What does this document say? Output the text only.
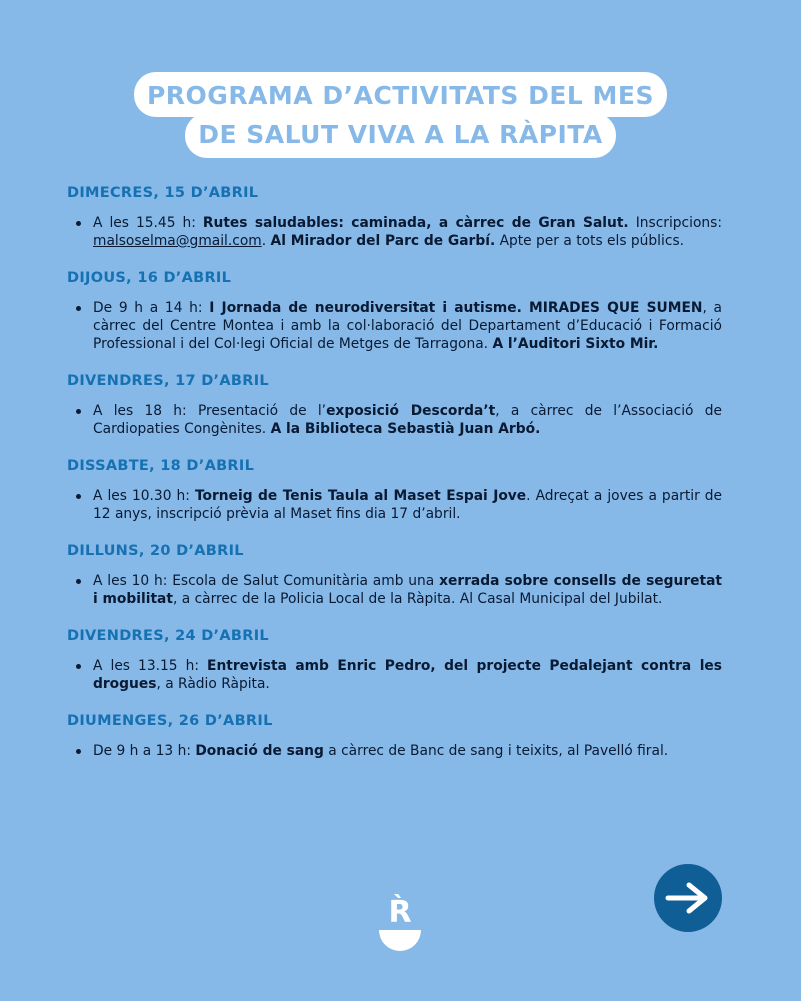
PROGRAMA D’ACTIVITATS DEL MES
DE SALUT VIVA A LA RÀPITA
DIMECRES, 15 D’ABRIL
A les 15.45 h: Rutes saludables: caminada, a càrrec de Gran Salut. Inscripcions: malsoselma@gmail.com. Al Mirador del Parc de Garbí. Apte per a tots els públics.
DIJOUS, 16 D’ABRIL
De 9 h a 14 h: I Jornada de neurodiversitat i autisme. MIRADES QUE SUMEN, a càrrec del Centre Montea i amb la col·laboració del Departament d’Educació i Formació Professional i del Col·legi Oficial de Metges de Tarragona. A l’Auditori Sixto Mir.
DIVENDRES, 17 D’ABRIL
A les 18 h: Presentació de l’exposició Descorda’t, a càrrec de l’Associació de Cardiopaties Congènites. A la Biblioteca Sebastià Juan Arbó.
DISSABTE, 18 D’ABRIL
A les 10.30 h: Torneig de Tenis Taula al Maset Espai Jove. Adreçat a joves a partir de 12 anys, inscripció prèvia al Maset fins dia 17 d’abril.
DILLUNS, 20 D’ABRIL
A les 10 h: Escola de Salut Comunitària amb una xerrada sobre consells de seguretat i mobilitat, a càrrec de la Policia Local de la Ràpita. Al Casal Municipal del Jubilat.
DIVENDRES, 24 D’ABRIL
A les 13.15 h: Entrevista amb Enric Pedro, del projecte Pedalejant contra les drogues, a Ràdio Ràpita.
DIUMENGES, 26 D’ABRIL
De 9 h a 13 h: Donació de sang a càrrec de Banc de sang i teixits, al Pavelló firal.
R̀
